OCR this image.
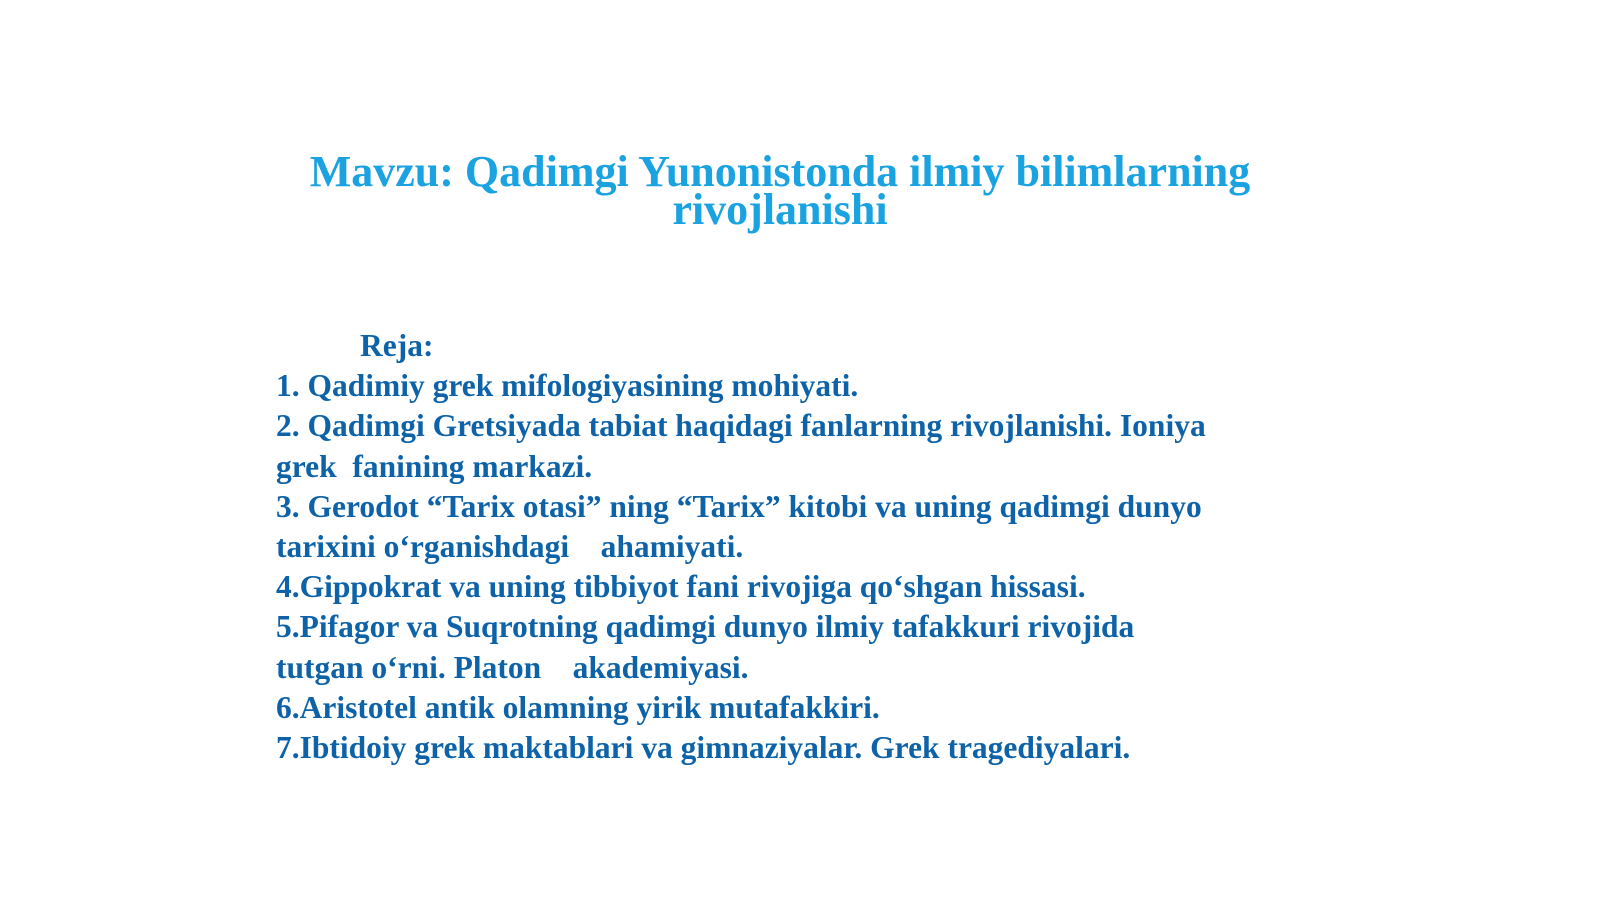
Mavzu: Qadimgi Yunonistonda ilmiy bilimlarning
rivojlanishi
Reja:
1. Qadimiy grek mifologiyasining mohiyati.
2. Qadimgi Gretsiyada tabiat haqidagi fanlarning rivojlanishi. Ioniya
grek  fanining markazi.
3. Gerodot “Tarix otasi” ning “Tarix” kitobi va uning qadimgi dunyo
tarixini o‘rganishdagi    ahamiyati.
4.Gippokrat va uning tibbiyot fani rivojiga qo‘shgan hissasi.
5.Pifagor va Suqrotning qadimgi dunyo ilmiy tafakkuri rivojida
tutgan o‘rni. Platon    akademiyasi.
6.Aristotel antik olamning yirik mutafakkiri.
7.Ibtidoiy grek maktablari va gimnaziyalar. Grek tragediyalari.
